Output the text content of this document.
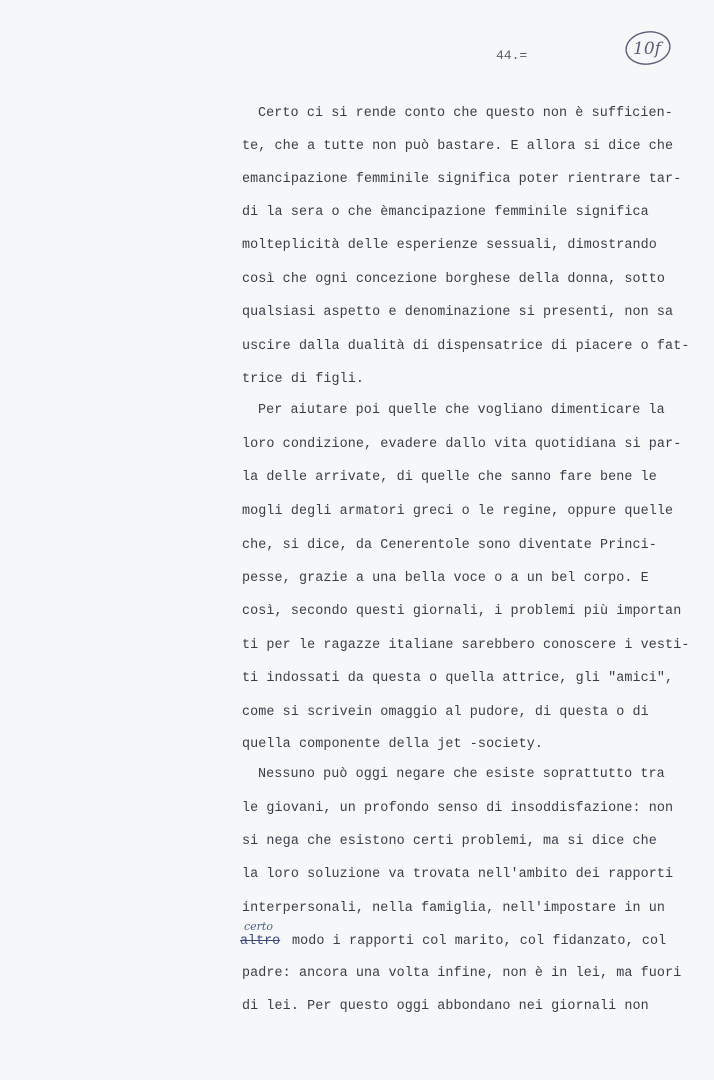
44.=	10f
Certo ci si rende conto che questo non è sufficien-
te, che a tutte non può bastare. E allora si dice che
emancipazione femminile significa poter rientrare tar-
di la sera o che èmancipazione femminile significa
molteplicità delle esperienze sessuali, dimostrando
così che ogni concezione borghese della donna, sotto
qualsiasi aspetto e denominazione si presenti, non sa
uscire dalla dualità di dispensatrice di piacere o fat-
trice di figli.
Per aiutare poi quelle che vogliano dimenticare la
loro condizione, evadere dallo vita quotidiana si par-
la delle arrivate, di quelle che sanno fare bene le
mogli degli armatori greci o le regine, oppure quelle
che, si dice, da Cenerentole sono diventate Princi-
pesse, grazie a una bella voce o a un bel corpo. E
così, secondo questi giornali, i problemi più importan
ti per le ragazze italiane sarebbero conoscere i vesti-
ti indossati da questa o quella attrice, gli "amici",
come si scrivein omaggio al pudore, di questa o di
quella componente della jet -society.
Nessuno può oggi negare che esiste soprattutto tra
le giovani, un profondo senso di insoddisfazione: non
si nega che esistono certi problemi, ma si dice che
la loro soluzione va trovata nell'ambito dei rapporti
interpersonali, nella famiglia, nell'impostare in un
modo i rapporti col marito, col fidanzato, col
padre: ancora una volta infine, non è in lei, ma fuori
di lei. Per questo oggi abbondano nei giornali non
certo
altro
